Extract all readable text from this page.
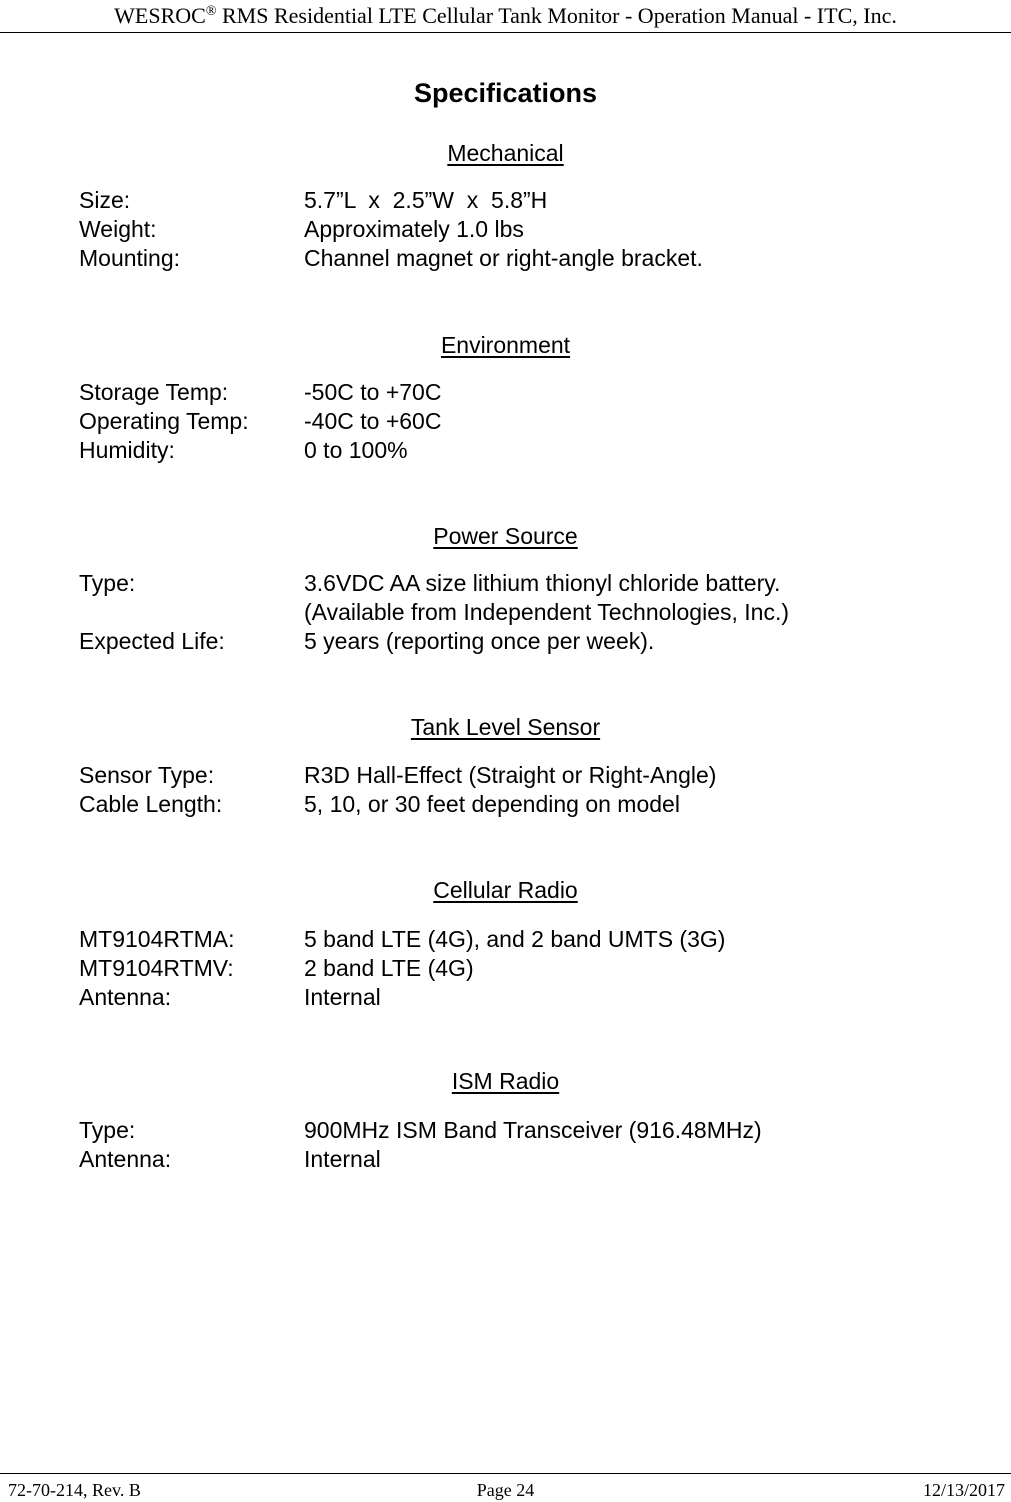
WESROC® RMS Residential LTE Cellular Tank Monitor - Operation Manual - ITC, Inc.
Specifications
Mechanical
Size:	5.7”L  x  2.5”W  x  5.8”H
Weight:	Approximately 1.0 lbs
Mounting:	Channel magnet or right-angle bracket.
Environment
Storage Temp:	-50C to +70C
Operating Temp:	-40C to +60C
Humidity:	0 to 100%
Power Source
Type:	3.6VDC AA size lithium thionyl chloride battery.
(Available from Independent Technologies, Inc.)
Expected Life:	5 years (reporting once per week).
Tank Level Sensor
Sensor Type:	R3D Hall-Effect (Straight or Right-Angle)
Cable Length:	5, 10, or 30 feet depending on model
Cellular Radio
MT9104RTMA:	5 band LTE (4G), and 2 band UMTS (3G)
MT9104RTMV:	2 band LTE (4G)
Antenna:	Internal
ISM Radio
Type:	900MHz ISM Band Transceiver (916.48MHz)
Antenna:	Internal
72-70-214, Rev. B	Page 24	12/13/2017
